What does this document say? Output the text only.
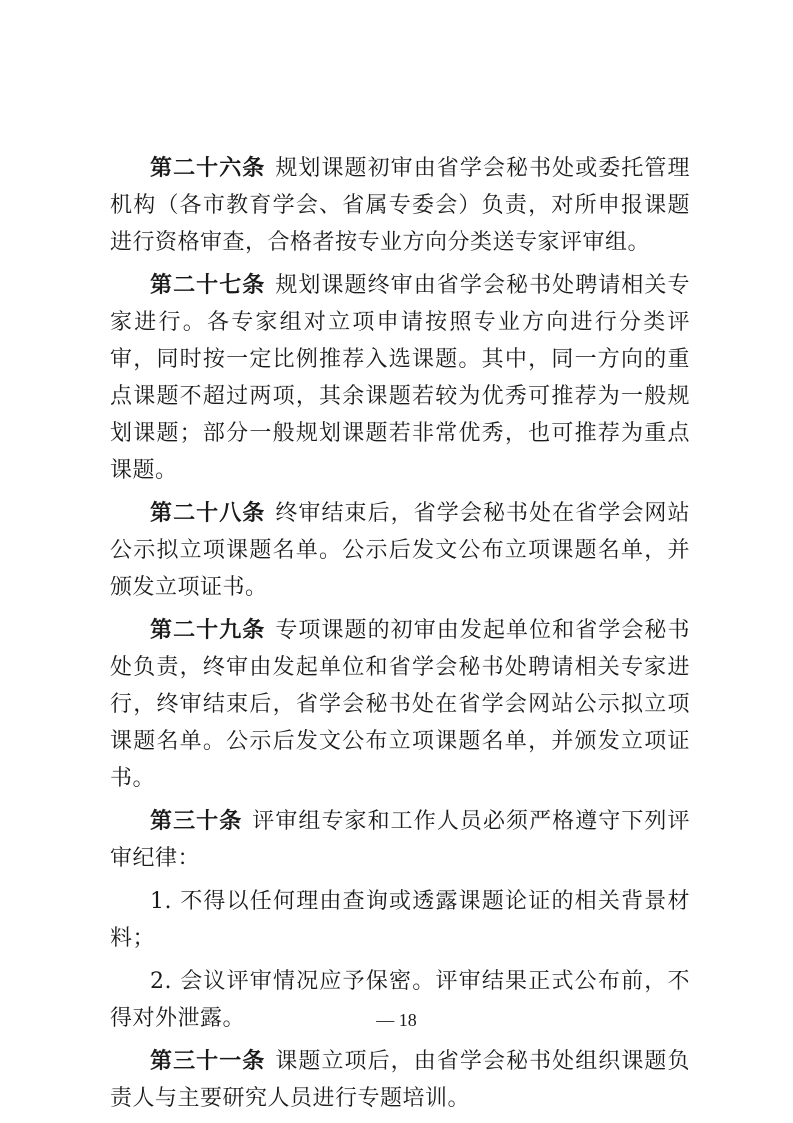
第二十六条 规划课题初审由省学会秘书处或委托管理机构（各市教育学会、省属专委会）负责，对所申报课题进行资格审查，合格者按专业方向分类送专家评审组。

第二十七条 规划课题终审由省学会秘书处聘请相关专家进行。各专家组对立项申请按照专业方向进行分类评审，同时按一定比例推荐入选课题。其中，同一方向的重点课题不超过两项，其余课题若较为优秀可推荐为一般规划课题；部分一般规划课题若非常优秀，也可推荐为重点课题。

第二十八条 终审结束后，省学会秘书处在省学会网站公示拟立项课题名单。公示后发文公布立项课题名单，并颁发立项证书。

第二十九条 专项课题的初审由发起单位和省学会秘书处负责，终审由发起单位和省学会秘书处聘请相关专家进行，终审结束后，省学会秘书处在省学会网站公示拟立项课题名单。公示后发文公布立项课题名单，并颁发立项证书。

第三十条 评审组专家和工作人员必须严格遵守下列评审纪律：

1. 不得以任何理由查询或透露课题论证的相关背景材料；

2. 会议评审情况应予保密。评审结果正式公布前，不得对外泄露。

第三十一条 课题立项后，由省学会秘书处组织课题负责人与主要研究人员进行专题培训。

— 18
